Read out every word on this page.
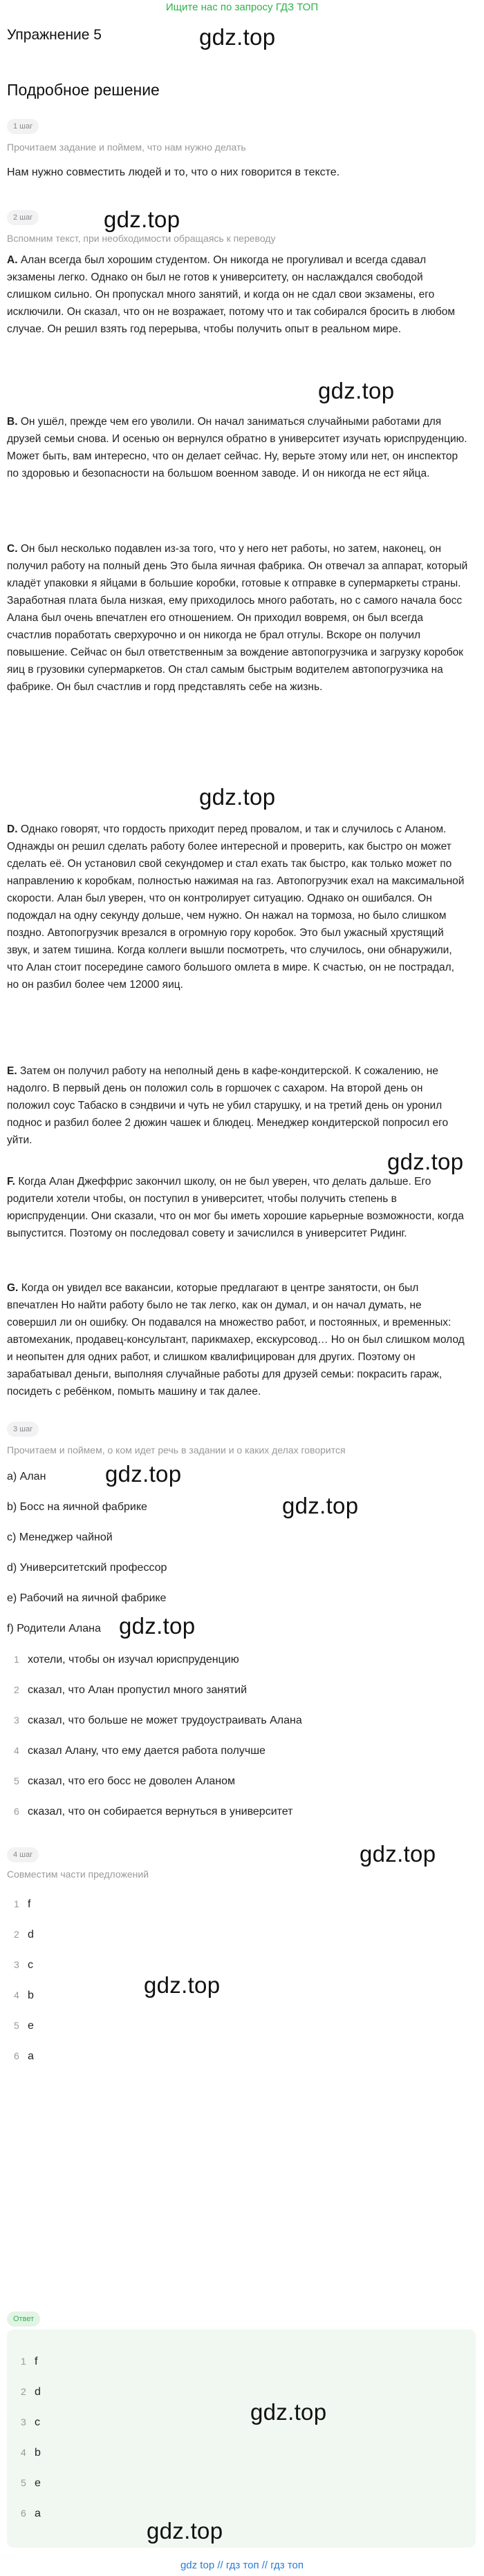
Ищите нас по запросу ГДЗ ТОП
Упражнение 5	gdz.top
Подробное решение
1 шаг
Прочитаем задание и поймем, что нам нужно делать
Нам нужно совместить людей и то, что о них говорится в тексте.
2 шаг	gdz.top
Вспомним текст, при необходимости обращаясь к переводу
A. Алан всегда был хорошим студентом. Он никогда не прогуливал и всегда сдавал экзамены легко. Однако он был не готов к университету, он наслаждался свободой слишком сильно. Он пропускал много занятий, и когда он не сдал свои экзамены, его исключили. Он сказал, что он не возражает, потому что и так собирался бросить в любом случае. Он решил взять год перерыва, чтобы получить опыт в реальном мире.
gdz.top
B. Он ушёл, прежде чем его уволили. Он начал заниматься случайными работами для друзей семьи снова. И осенью он вернулся обратно в университет изучать юриспруденцию. Может быть, вам интересно, что он делает сейчас. Ну, верьте этому или нет, он инспектор по здоровью и безопасности на большом военном заводе. И он никогда не ест яйца.
C. Он был несколько подавлен из-за того, что у него нет работы, но затем, наконец, он получил работу на полный день Это была яичная фабрика. Он отвечал за аппарат, который кладёт упаковки я яйцами в большие коробки, готовые к отправке в супермаркеты страны. Заработная плата была низкая, ему приходилось много работать, но с самого начала босс Алана был очень впечатлен его отношением. Он приходил вовремя, он был всегда счастлив поработать сверхурочно и он никогда не брал отгулы. Вскоре он получил повышение. Сейчас он был ответственным за вождение автопогрузчика и загрузку коробок яиц в грузовики супермаркетов. Он стал самым быстрым водителем автопогрузчика на фабрике. Он был счастлив и горд представлять себе на жизнь.
gdz.top
D. Однако говорят, что гордость приходит перед провалом, и так и случилось с Аланом. Однажды он решил сделать работу более интересной и проверить, как быстро он может сделать её. Он установил свой секундомер и стал ехать так быстро, как только может по направлению к коробкам, полностью нажимая на газ. Автопогрузчик ехал на максимальной скорости. Алан был уверен, что он контролирует ситуацию. Однако он ошибался. Он подождал на одну секунду дольше, чем нужно. Он нажал на тормоза, но было слишком поздно. Автопогрузчик врезался в огромную гору коробок. Это был ужасный хрустящий звук, и затем тишина. Когда коллеги вышли посмотреть, что случилось, они обнаружили, что Алан стоит посередине самого большого омлета в мире. К счастью, он не пострадал, но он разбил более чем 12000 яиц.
E. Затем он получил работу на неполный день в кафе-кондитерской. К сожалению, не надолго. В первый день он положил соль в горшочек с сахаром. На второй день он положил соус Табаско в сэндвичи и чуть не убил старушку, и на третий день он уронил поднос и разбил более 2 дюжин чашек и блюдец. Менеджер кондитерской попросил его уйти.
gdz.top
F. Когда Алан Джеффрис закончил школу, он не был уверен, что делать дальше. Его родители хотели чтобы, он поступил в университет, чтобы получить степень в юриспруденции. Они сказали, что он мог бы иметь хорошие карьерные возможности, когда выпустится. Поэтому он последовал совету и зачислился в университет Ридинг.
G. Когда он увидел все вакансии, которые предлагают в центре занятости, он был впечатлен Но найти работу было не так легко, как он думал, и он начал думать, не совершил ли он ошибку. Он подавался на множество работ, и постоянных, и временных: автомеханик, продавец-консультант, парикмахер, екскурсовод… Но он был слишком молод и неопытен для одних работ, и слишком квалифицирован для других. Поэтому он зарабатывал деньги, выполняя случайные работы для друзей семьи: покрасить гараж, посидеть с ребёнком, помыть машину и так далее.
3 шаг
Прочитаем и поймем, о ком идет речь в задании и о каких делах говорится
a) Алан	gdz.top
b) Босс на яичной фабрике	gdz.top
c) Менеджер чайной
d) Университетский профессор
e) Рабочий на яичной фабрике
f) Родители Алана gdz.top
1 хотели, чтобы он изучал юриспруденцию
2 сказал, что Алан пропустил много занятий
3 сказал, что больше не может трудоустраивать Алана
4 сказал Алану, что ему дается работа получше
5 сказал, что его босс не доволен Аланом
6 сказал, что он собирается вернуться в университет
4 шаг	gdz.top
Совместим части предложений
1 f
2 d
3 c
gdz.top
4 b
5 e
6 a
Ответ
1 f
2 d
gdz.top
3 c
4 b
5 e
6 a
gdz.top
gdz top // гдз топ // гдз топ
